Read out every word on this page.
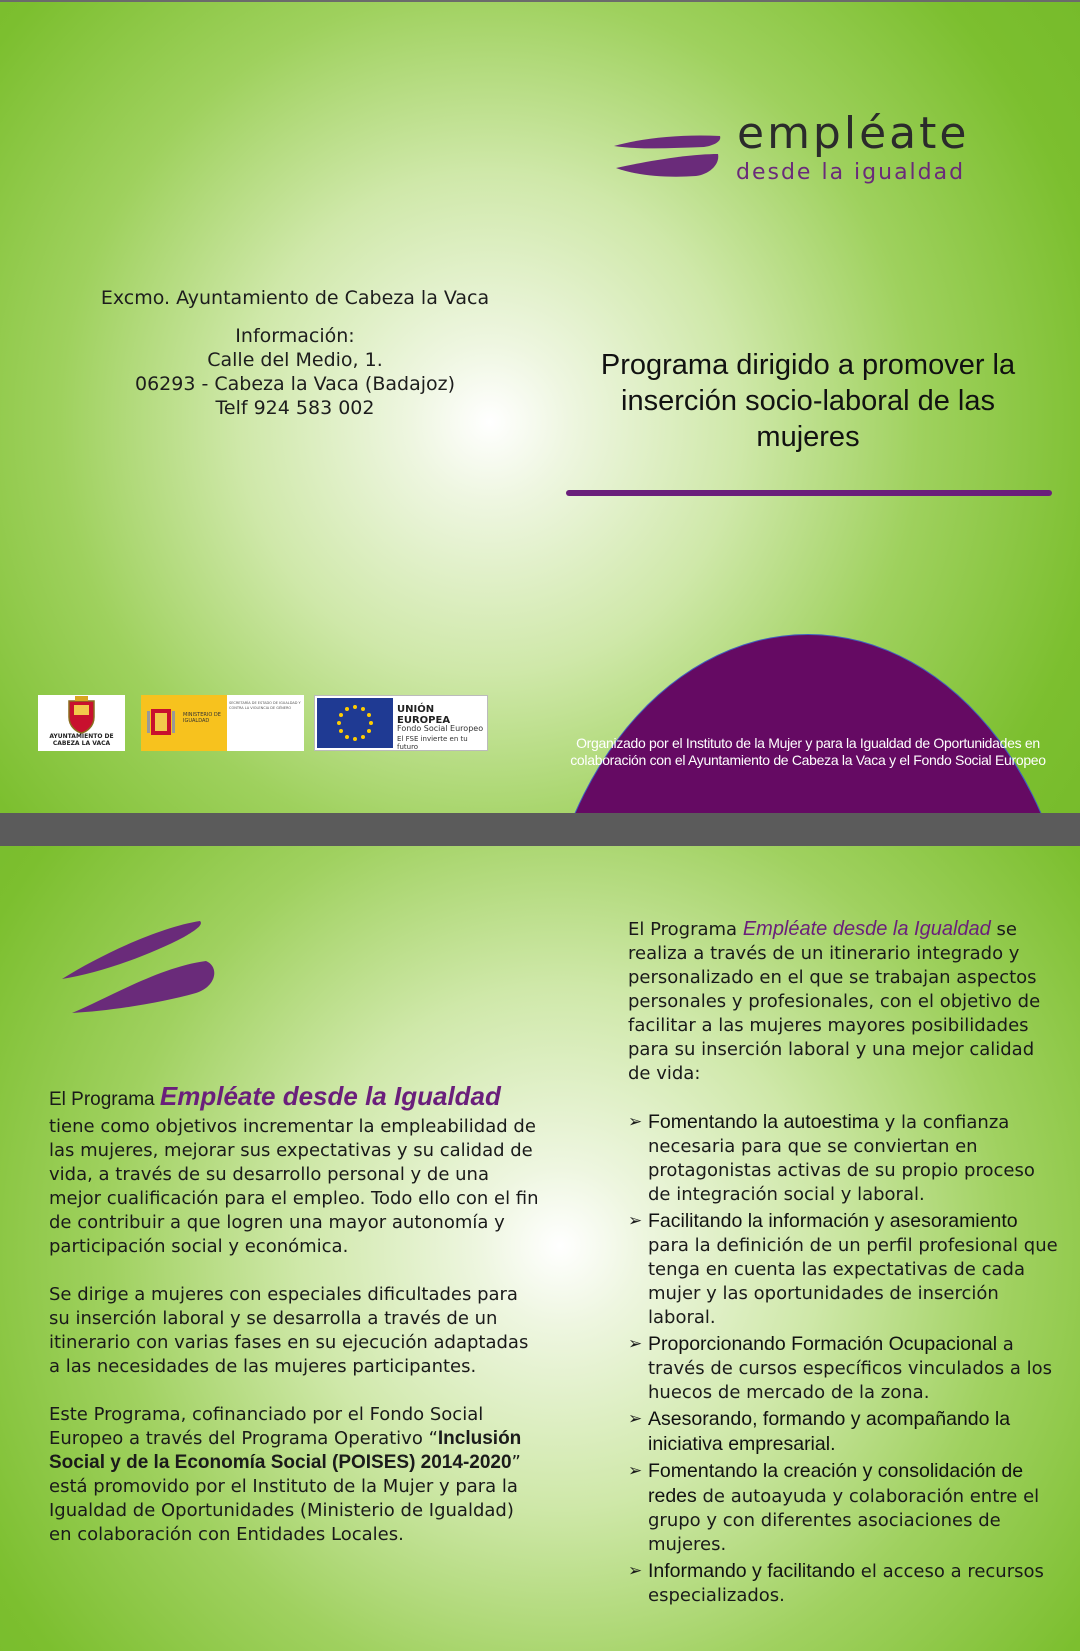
empléate
desde la igualdad
Excmo. Ayuntamiento de Cabeza la Vaca
Información:
Calle del Medio, 1.
06293 - Cabeza la Vaca (Badajoz)
Telf 924 583 002
Programa dirigido a promover la inserción socio-laboral de las mujeres
AYUNTAMIENTO DE CABEZA LA VACA
MINISTERIO DE IGUALDAD
SECRETARÍA DE ESTADO DE IGUALDAD Y CONTRA LA VIOLENCIA DE GÉNERO	UNIÓN EUROPEA
Fondo Social Europeo
El FSE invierte en tu futuro	Organizado por el Instituto de la Mujer y para la Igualdad de Oportunidades en colaboración con el Ayuntamiento de Cabeza la Vaca y el Fondo Social Europeo
El Programa Empléate desde la Igualdad

tiene como objetivos incrementar la empleabilidad de las mujeres, mejorar sus expectativas y su calidad de vida, a través de su desarrollo personal y de una mejor cualificación para el empleo. Todo ello con el fin de contribuir a que logren una mayor autonomía y participación social y económica.

Se dirige a mujeres con especiales dificultades para su inserción laboral y se desarrolla a través de un itinerario con varias fases en su ejecución adaptadas a las necesidades de las mujeres participantes.

Este Programa, cofinanciado por el Fondo Social Europeo a través del Programa Operativo “Inclusión Social y de la Economía Social (POISES) 2014-2020” está promovido por el Instituto de la Mujer y para la Igualdad de Oportunidades (Ministerio de Igualdad) en colaboración con Entidades Locales.

El Programa Empléate desde la Igualdad se realiza a través de un itinerario integrado y personalizado en el que se trabajan aspectos personales y profesionales, con el objetivo de facilitar a las mujeres mayores posibilidades para su inserción laboral y una mejor calidad de vida:

➢ Fomentando la autoestima y la confianza necesaria para que se conviertan en protagonistas activas de su propio proceso de integración social y laboral.
➢ Facilitando la información y asesoramiento para la definición de un perfil profesional que tenga en cuenta las expectativas de cada mujer y las oportunidades de inserción laboral.
➢ Proporcionando Formación Ocupacional a través de cursos específicos vinculados a los huecos de mercado de la zona.
➢ Asesorando, formando y acompañando la iniciativa empresarial.
➢ Fomentando la creación y consolidación de redes de autoayuda y colaboración entre el grupo y con diferentes asociaciones de mujeres.
➢ Informando y facilitando el acceso a recursos especializados.
